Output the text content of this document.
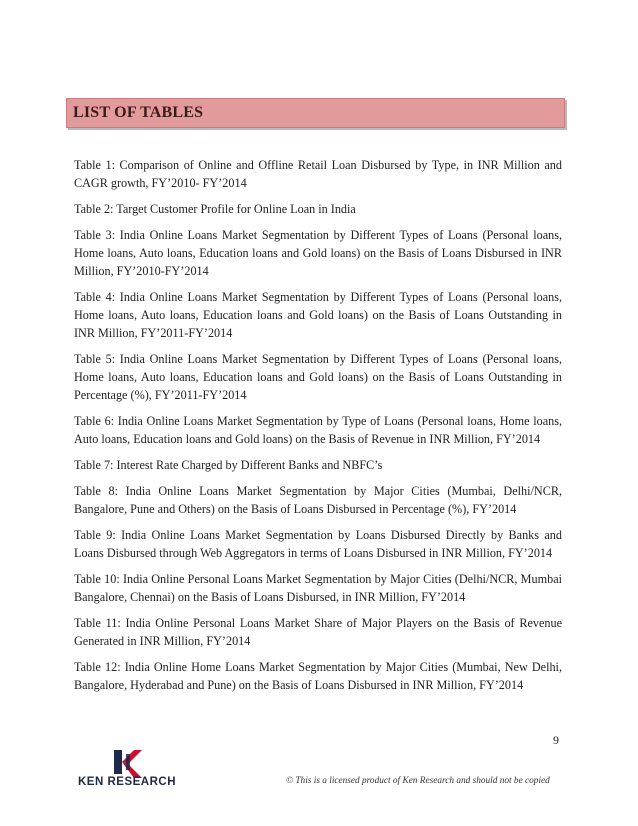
LIST OF TABLES

Table 1: Comparison of Online and Offline Retail Loan Disbursed by Type, in INR Million and CAGR growth, FY’2010- FY’2014

Table 2: Target Customer Profile for Online Loan in India

Table 3: India Online Loans Market Segmentation by Different Types of Loans (Personal loans, Home loans, Auto loans, Education loans and Gold loans) on the Basis of Loans Disbursed in INR Million, FY’2010-FY’2014

Table 4: India Online Loans Market Segmentation by Different Types of Loans (Personal loans, Home loans, Auto loans, Education loans and Gold loans) on the Basis of Loans Outstanding in INR Million, FY’2011-FY’2014

Table 5: India Online Loans Market Segmentation by Different Types of Loans (Personal loans, Home loans, Auto loans, Education loans and Gold loans) on the Basis of Loans Outstanding in Percentage (%), FY’2011-FY’2014

Table 6: India Online Loans Market Segmentation by Type of Loans (Personal loans, Home loans, Auto loans, Education loans and Gold loans) on the Basis of Revenue in INR Million, FY’2014

Table 7: Interest Rate Charged by Different Banks and NBFC’s

Table 8: India Online Loans Market Segmentation by Major Cities (Mumbai, Delhi/NCR, Bangalore, Pune and Others) on the Basis of Loans Disbursed in Percentage (%), FY’2014

Table 9: India Online Loans Market Segmentation by Loans Disbursed Directly by Banks and Loans Disbursed through Web Aggregators in terms of Loans Disbursed in INR Million, FY’2014

Table 10: India Online Personal Loans Market Segmentation by Major Cities (Delhi/NCR, Mumbai Bangalore, Chennai) on the Basis of Loans Disbursed, in INR Million, FY’2014

Table 11: India Online Personal Loans Market Share of Major Players on the Basis of Revenue Generated in INR Million, FY’2014

Table 12: India Online Home Loans Market Segmentation by Major Cities (Mumbai, New Delhi, Bangalore, Hyderabad and Pune) on the Basis of Loans Disbursed in INR Million, FY’2014

9
KEN RESEARCH	© This is a licensed product of Ken Research and should not be copied
